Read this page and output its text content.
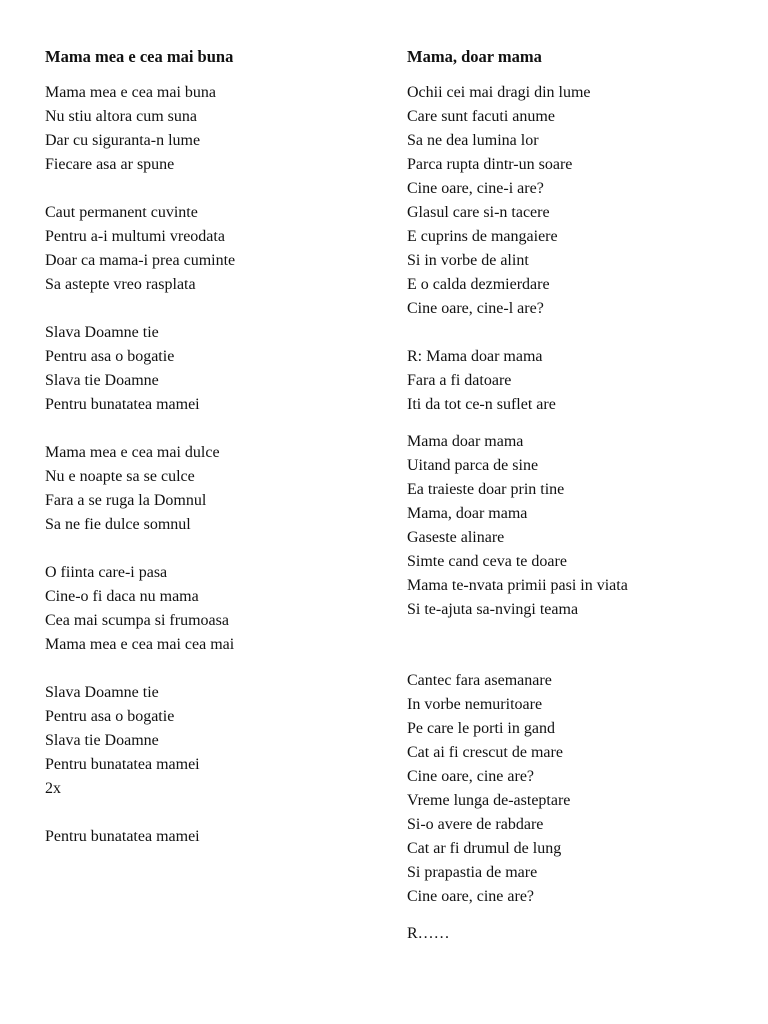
Mama mea e cea mai buna
Mama mea e cea mai buna
Nu stiu altora cum suna
Dar cu siguranta-n lume
Fiecare asa ar spune
Caut permanent cuvinte
Pentru a-i multumi vreodata
Doar ca mama-i prea cuminte
Sa astepte vreo rasplata
Slava Doamne tie
Pentru asa o bogatie
Slava tie Doamne
Pentru bunatatea mamei
Mama mea e cea mai dulce
Nu e noapte sa se culce
Fara a se ruga la Domnul
Sa ne fie dulce somnul
O fiinta care-i pasa
Cine-o fi daca nu mama
Cea mai scumpa si frumoasa
Mama mea e cea mai cea mai
Slava Doamne tie
Pentru asa o bogatie
Slava tie Doamne
Pentru bunatatea mamei
2x
Pentru bunatatea mamei
Mama, doar mama
Ochii cei mai dragi din lume
Care sunt facuti anume
Sa ne dea lumina lor
Parca rupta dintr-un soare
Cine oare, cine-i are?
Glasul care si-n tacere
E cuprins de mangaiere
Si in vorbe de alint
E o calda dezmierdare
Cine oare, cine-l are?
R: Mama doar mama
Fara a fi datoare
Iti da tot ce-n suflet are
Mama doar mama
Uitand parca de sine
Ea traieste doar prin tine
Mama, doar mama
Gaseste alinare
Simte cand ceva te doare
Mama te-nvata primii pasi in viata
Si te-ajuta sa-nvingi teama
Cantec fara asemanare
In vorbe nemuritoare
Pe care le porti in gand
Cat ai fi crescut de mare
Cine oare, cine are?
Vreme lunga de-asteptare
Si-o avere de rabdare
Cat ar fi drumul de lung
Si prapastia de mare
Cine oare, cine are?
R……
